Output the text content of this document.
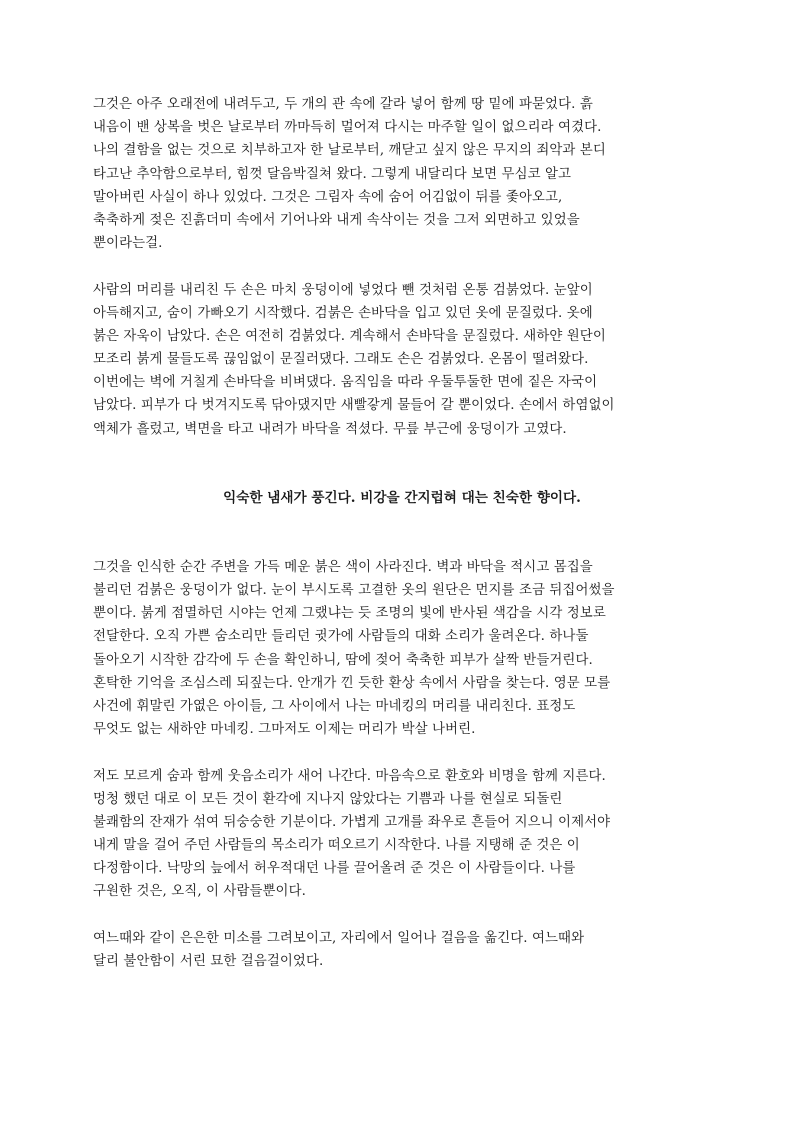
그것은 아주 오래전에 내려두고, 두 개의 관 속에 갈라 넣어 함께 땅 밑에 파묻었다. 흙
내음이 밴 상복을 벗은 날로부터 까마득히 멀어져 다시는 마주할 일이 없으리라 여겼다.
나의 결함을 없는 것으로 치부하고자 한 날로부터, 깨닫고 싶지 않은 무지의 죄악과 본디
타고난 추악함으로부터, 힘껏 달음박질쳐 왔다. 그렇게 내달리다 보면 무심코 알고
말아버린 사실이 하나 있었다. 그것은 그림자 속에 숨어 어김없이 뒤를 좇아오고,
축축하게 젖은 진흙더미 속에서 기어나와 내게 속삭이는 것을 그저 외면하고 있었을
뿐이라는걸.
사람의 머리를 내리친 두 손은 마치 웅덩이에 넣었다 뺀 것처럼 온통 검붉었다. 눈앞이
아득해지고, 숨이 가빠오기 시작했다. 검붉은 손바닥을 입고 있던 옷에 문질렀다. 옷에
붉은 자욱이 남았다. 손은 여전히 검붉었다. 계속해서 손바닥을 문질렀다. 새하얀 원단이
모조리 붉게 물들도록 끊임없이 문질러댔다. 그래도 손은 검붉었다. 온몸이 떨려왔다.
이번에는 벽에 거칠게 손바닥을 비벼댔다. 움직임을 따라 우둘투둘한 면에 짙은 자국이
남았다. 피부가 다 벗겨지도록 닦아댔지만 새빨갛게 물들어 갈 뿐이었다. 손에서 하염없이
액체가 흘렀고, 벽면을 타고 내려가 바닥을 적셨다. 무릎 부근에 웅덩이가 고였다.
익숙한 냄새가 풍긴다. 비강을 간지럽혀 대는 친숙한 향이다.
그것을 인식한 순간 주변을 가득 메운 붉은 색이 사라진다. 벽과 바닥을 적시고 몸집을
불리던 검붉은 웅덩이가 없다. 눈이 부시도록 고결한 옷의 원단은 먼지를 조금 뒤집어썼을
뿐이다. 붉게 점멸하던 시야는 언제 그랬냐는 듯 조명의 빛에 반사된 색감을 시각 정보로
전달한다. 오직 가쁜 숨소리만 들리던 귓가에 사람들의 대화 소리가 울려온다. 하나둘
돌아오기 시작한 감각에 두 손을 확인하니, 땀에 젖어 축축한 피부가 살짝 반들거린다.
혼탁한 기억을 조심스레 되짚는다. 안개가 낀 듯한 환상 속에서 사람을 찾는다. 영문 모를
사건에 휘말린 가엾은 아이들, 그 사이에서 나는 마네킹의 머리를 내리친다. 표정도
무엇도 없는 새하얀 마네킹. 그마저도 이제는 머리가 박살 나버린.
저도 모르게 숨과 함께 웃음소리가 새어 나간다. 마음속으로 환호와 비명을 함께 지른다.
멍청 했던 대로 이 모든 것이 환각에 지나지 않았다는 기쁨과 나를 현실로 되돌린
불쾌함의 잔재가 섞여 뒤숭숭한 기분이다. 가볍게 고개를 좌우로 흔들어 지으니 이제서야
내게 말을 걸어 주던 사람들의 목소리가 떠오르기 시작한다. 나를 지탱해 준 것은 이
다정함이다. 낙망의 늪에서 허우적대던 나를 끌어올려 준 것은 이 사람들이다. 나를
구원한 것은, 오직, 이 사람들뿐이다.
여느때와 같이 은은한 미소를 그려보이고, 자리에서 일어나 걸음을 옮긴다. 여느때와
달리 불안함이 서린 묘한 걸음걸이었다.
